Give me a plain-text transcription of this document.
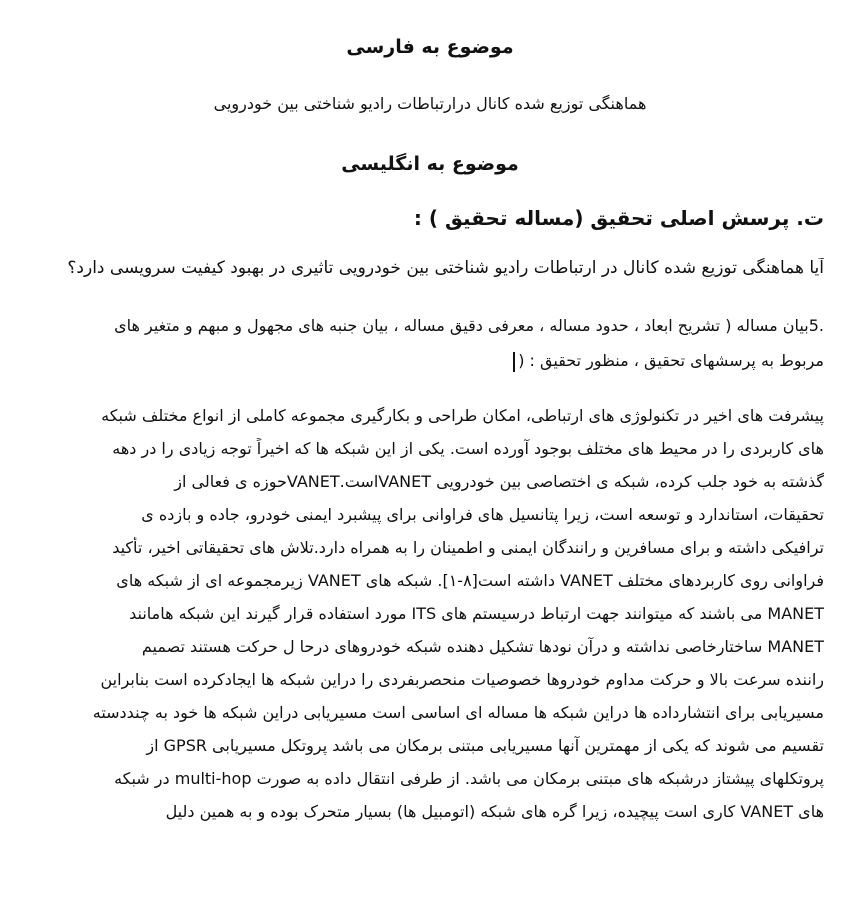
موضوع به فارسی
هماهنگی توزیع شده کانال درارتباطات رادیو شناختی بین خودرویی
موضوع به انگلیسی
ت. پرسش اصلی تحقیق (مساله تحقیق ) :
آیا هماهنگی توزیع شده کانال در ارتباطات رادیو شناختی بین خودرویی تاثیری در بهبود کیفیت سرویسی دارد؟
.5بیان مساله ( تشریح ابعاد ، حدود مساله ، معرفی دقیق مساله ، بیان جنبه های مجهول و مبهم و متغیر های
مربوط به پرسشهای تحقیق ، منظور تحقیق : (
پیشرفت های اخیر در تکنولوژی های ارتباطی، امکان طراحی و بکارگیری مجموعه کاملی از انواع مختلف شبکه
های کاربردی را در محیط های مختلف بوجود آورده است. یکی از این شبکه ها که اخیراً توجه زیادی را در دهه
گذشته به خود جلب کرده، شبکه ی اختصاصی بین خودرویی VANETاست.VANETحوزه ی فعالی از
تحقیقات، استاندارد و توسعه است، زیرا پتانسیل های فراوانی برای پیشبرد ایمنی خودرو، جاده و بازده ی
ترافیکی داشته و برای مسافرین و رانندگان ایمنی و اطمینان را به همراه دارد.تلاش های تحقیقاتی اخیر، تأکید
فراوانی روی کاربردهای مختلف VANET داشته است[۸-۱]. شبکه های VANET زیرمجموعه ای از شبکه های
MANET می باشند که میتوانند جهت ارتباط درسیستم های ITS مورد استفاده قرار گیرند این شبکه هامانند
MANET ساختارخاصی نداشته و درآن نودها تشکیل دهنده شبکه خودروهای درحا ل حرکت هستند تصمیم
راننده سرعت بالا و حرکت مداوم خودروها خصوصیات منحصربفردی را دراین شبکه ها ایجادکرده است بنابراین
مسیریابی برای انتشارداده ها دراین شبکه ها مساله ای اساسی است مسیریابی دراین شبکه ها خود به چنددسته
تقسیم می شوند که یکی از مهمترین آنها مسیریابی مبتنی برمکان می باشد پروتکل مسیریابی GPSR از
پروتکلهای پیشتاز درشبکه های مبتنی برمکان می باشد. از طرفی انتقال داده به صورت multi-hop در شبکه
های VANET کاری است پیچیده، زیرا گره های شبکه (اتومبیل ها) بسیار متحرک بوده و به همین دلیل
